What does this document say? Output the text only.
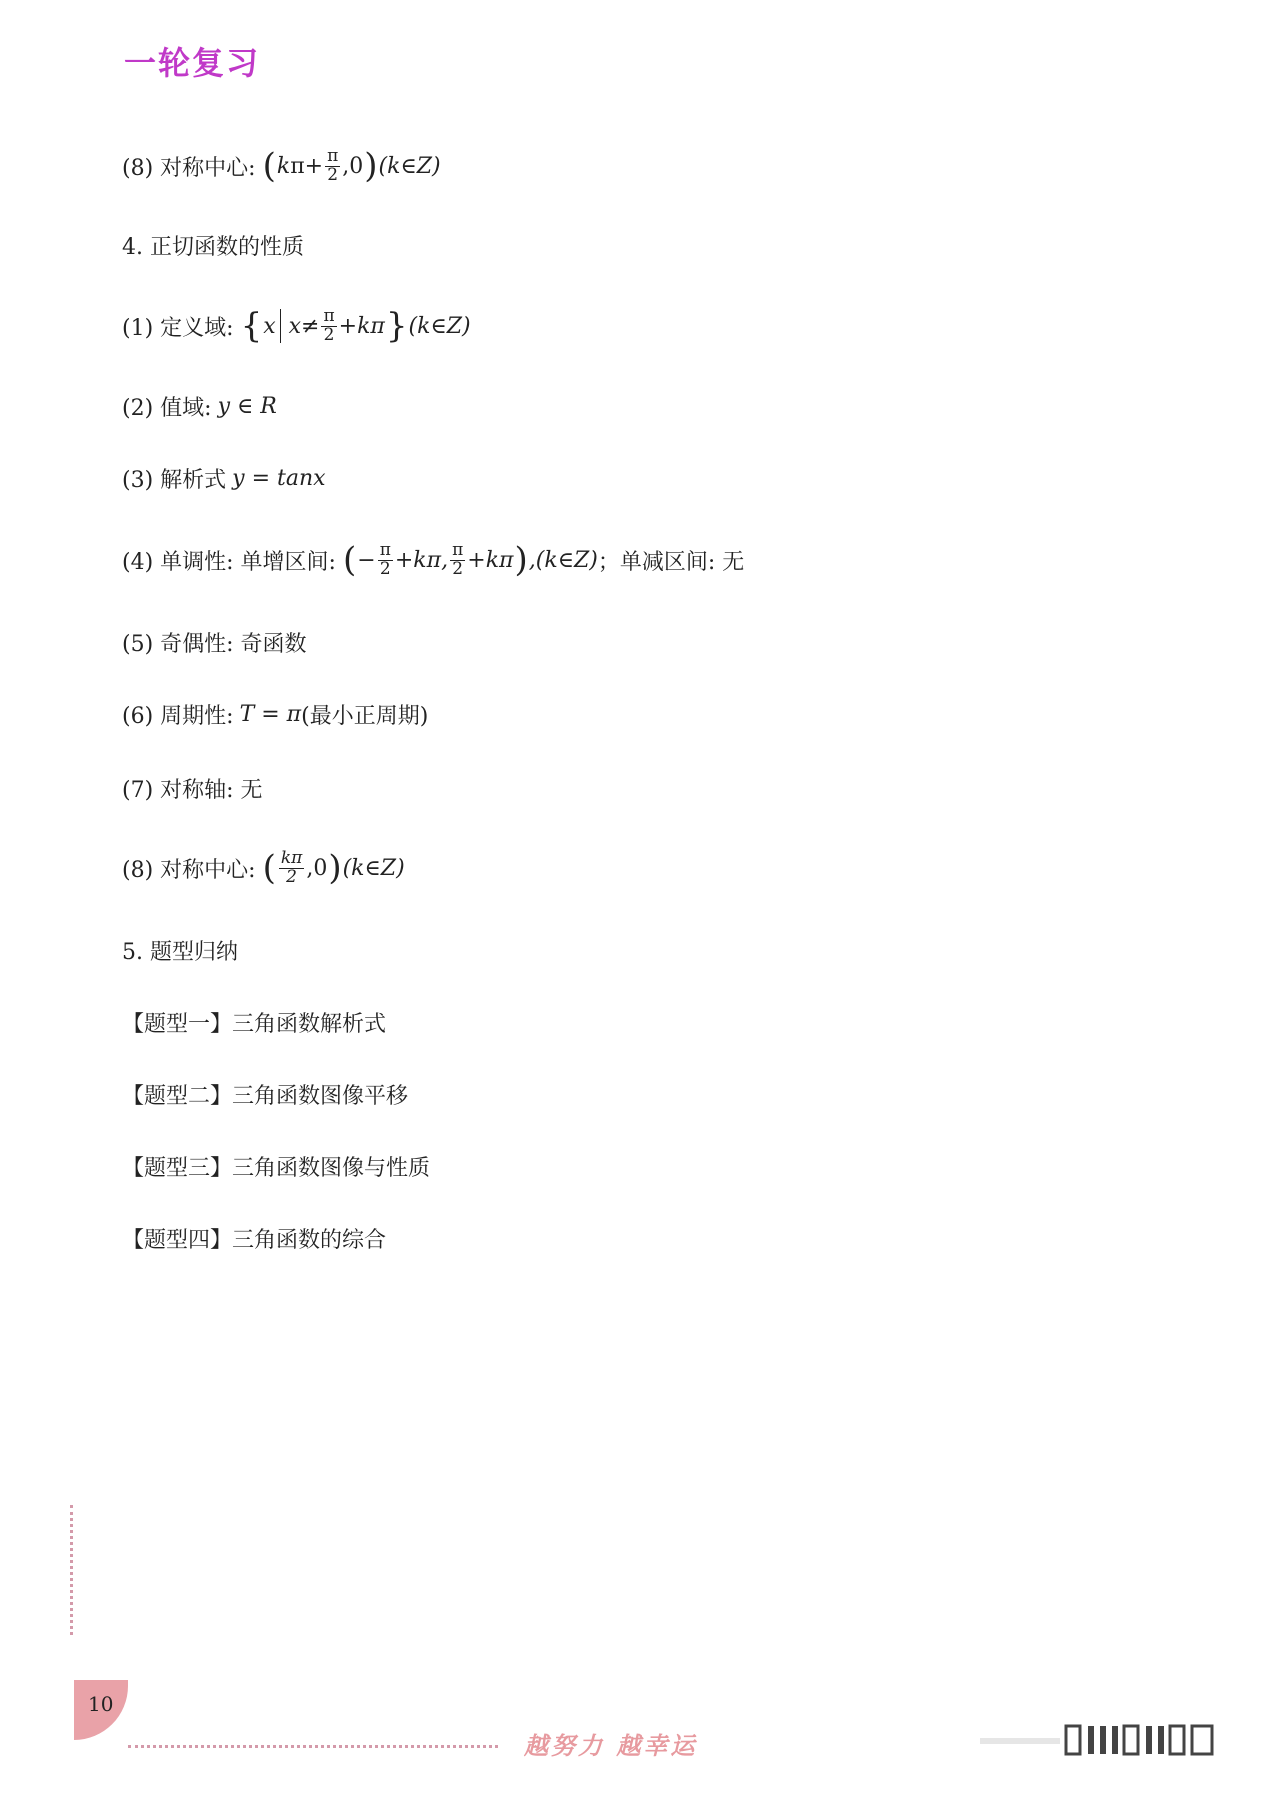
一轮复习
(8) 对称中心: ( k $\pi + \frac{\pi}{2} ,0$ ) (k∈Z)
4. 正切函数的性质
(1) 定义域: { x $x\ne \frac{\pi}{2} +k\pi$ } (k∈Z)
(2) 值域: y ∈ R
(3) 解析式 y = tanx
(4) 单调性: 单增区间: ( − $\frac{\pi}{2} +k\pi$, $\frac{\pi}{2} +k\pi$ ) ,(k∈Z) ；单减区间: 无
(5) 奇偶性: 奇函数
(6) 周期性: T = π (最小正周期)
(7) 对称轴: 无
(8) 对称中心: ( $\frac{k\pi}{2} ,0$ ) (k∈Z)
5. 题型归纳
【题型一】三角函数解析式
【题型二】三角函数图像平移
【题型三】三角函数图像与性质
【题型四】三角函数的综合
10
越努力 越幸运
